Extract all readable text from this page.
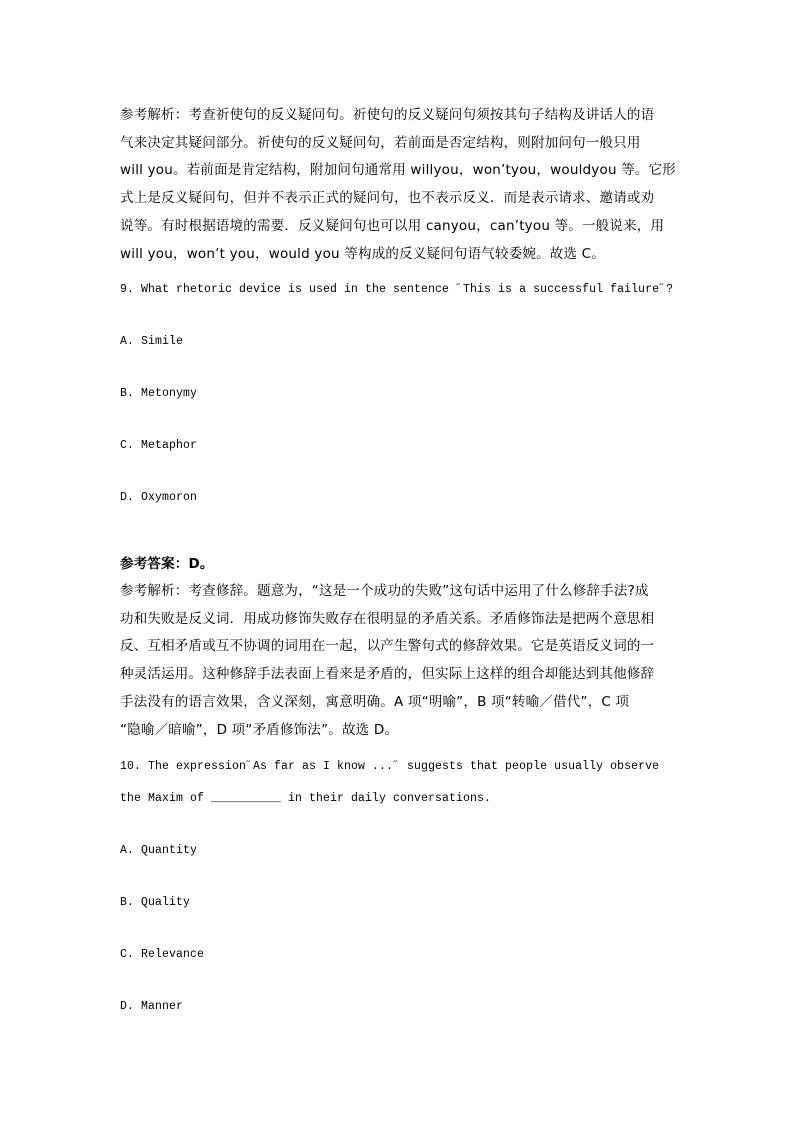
参考解析：考查祈使句的反义疑问句。祈使句的反义疑问句须按其句子结构及讲话人的语
气来决定其疑问部分。祈使句的反义疑问句，若前面是否定结构，则附加问句一般只用
will you。若前面是肯定结构，附加问句通常用 willyou，won’tyou，wouldyou 等。它形
式上是反义疑问句，但并不表示正式的疑问句，也不表示反义．而是表示请求、邀请或劝
说等。有时根据语境的需要．反义疑问句也可以用 canyou，can’tyou 等。一般说来，用
will you，won’t you，would you 等构成的反义疑问句语气较委婉。故选 C。
9. What rhetoric device is used in the sentence ˝This is a successful failure˝?
A. Simile
B. Metonymy
C. Metaphor
D. Oxymoron
参考答案：D。
参考解析：考查修辞。题意为，“这是一个成功的失败”这句话中运用了什么修辞手法?成
功和失败是反义词．用成功修饰失败存在很明显的矛盾关系。矛盾修饰法是把两个意思相
反、互相矛盾或互不协调的词用在一起，以产生警句式的修辞效果。它是英语反义词的一
种灵活运用。这种修辞手法表面上看来是矛盾的，但实际上这样的组合却能达到其他修辞
手法没有的语言效果，含义深刻，寓意明确。A 项“明喻”，B 项“转喻／借代”，C 项
“隐喻／暗喻”，D 项“矛盾修饰法”。故选 D。
10. The expression˝As far as I know ...˝ suggests that people usually observe
the Maxim of __________ in their daily conversations.
A. Quantity
B. Quality
C. Relevance
D. Manner
